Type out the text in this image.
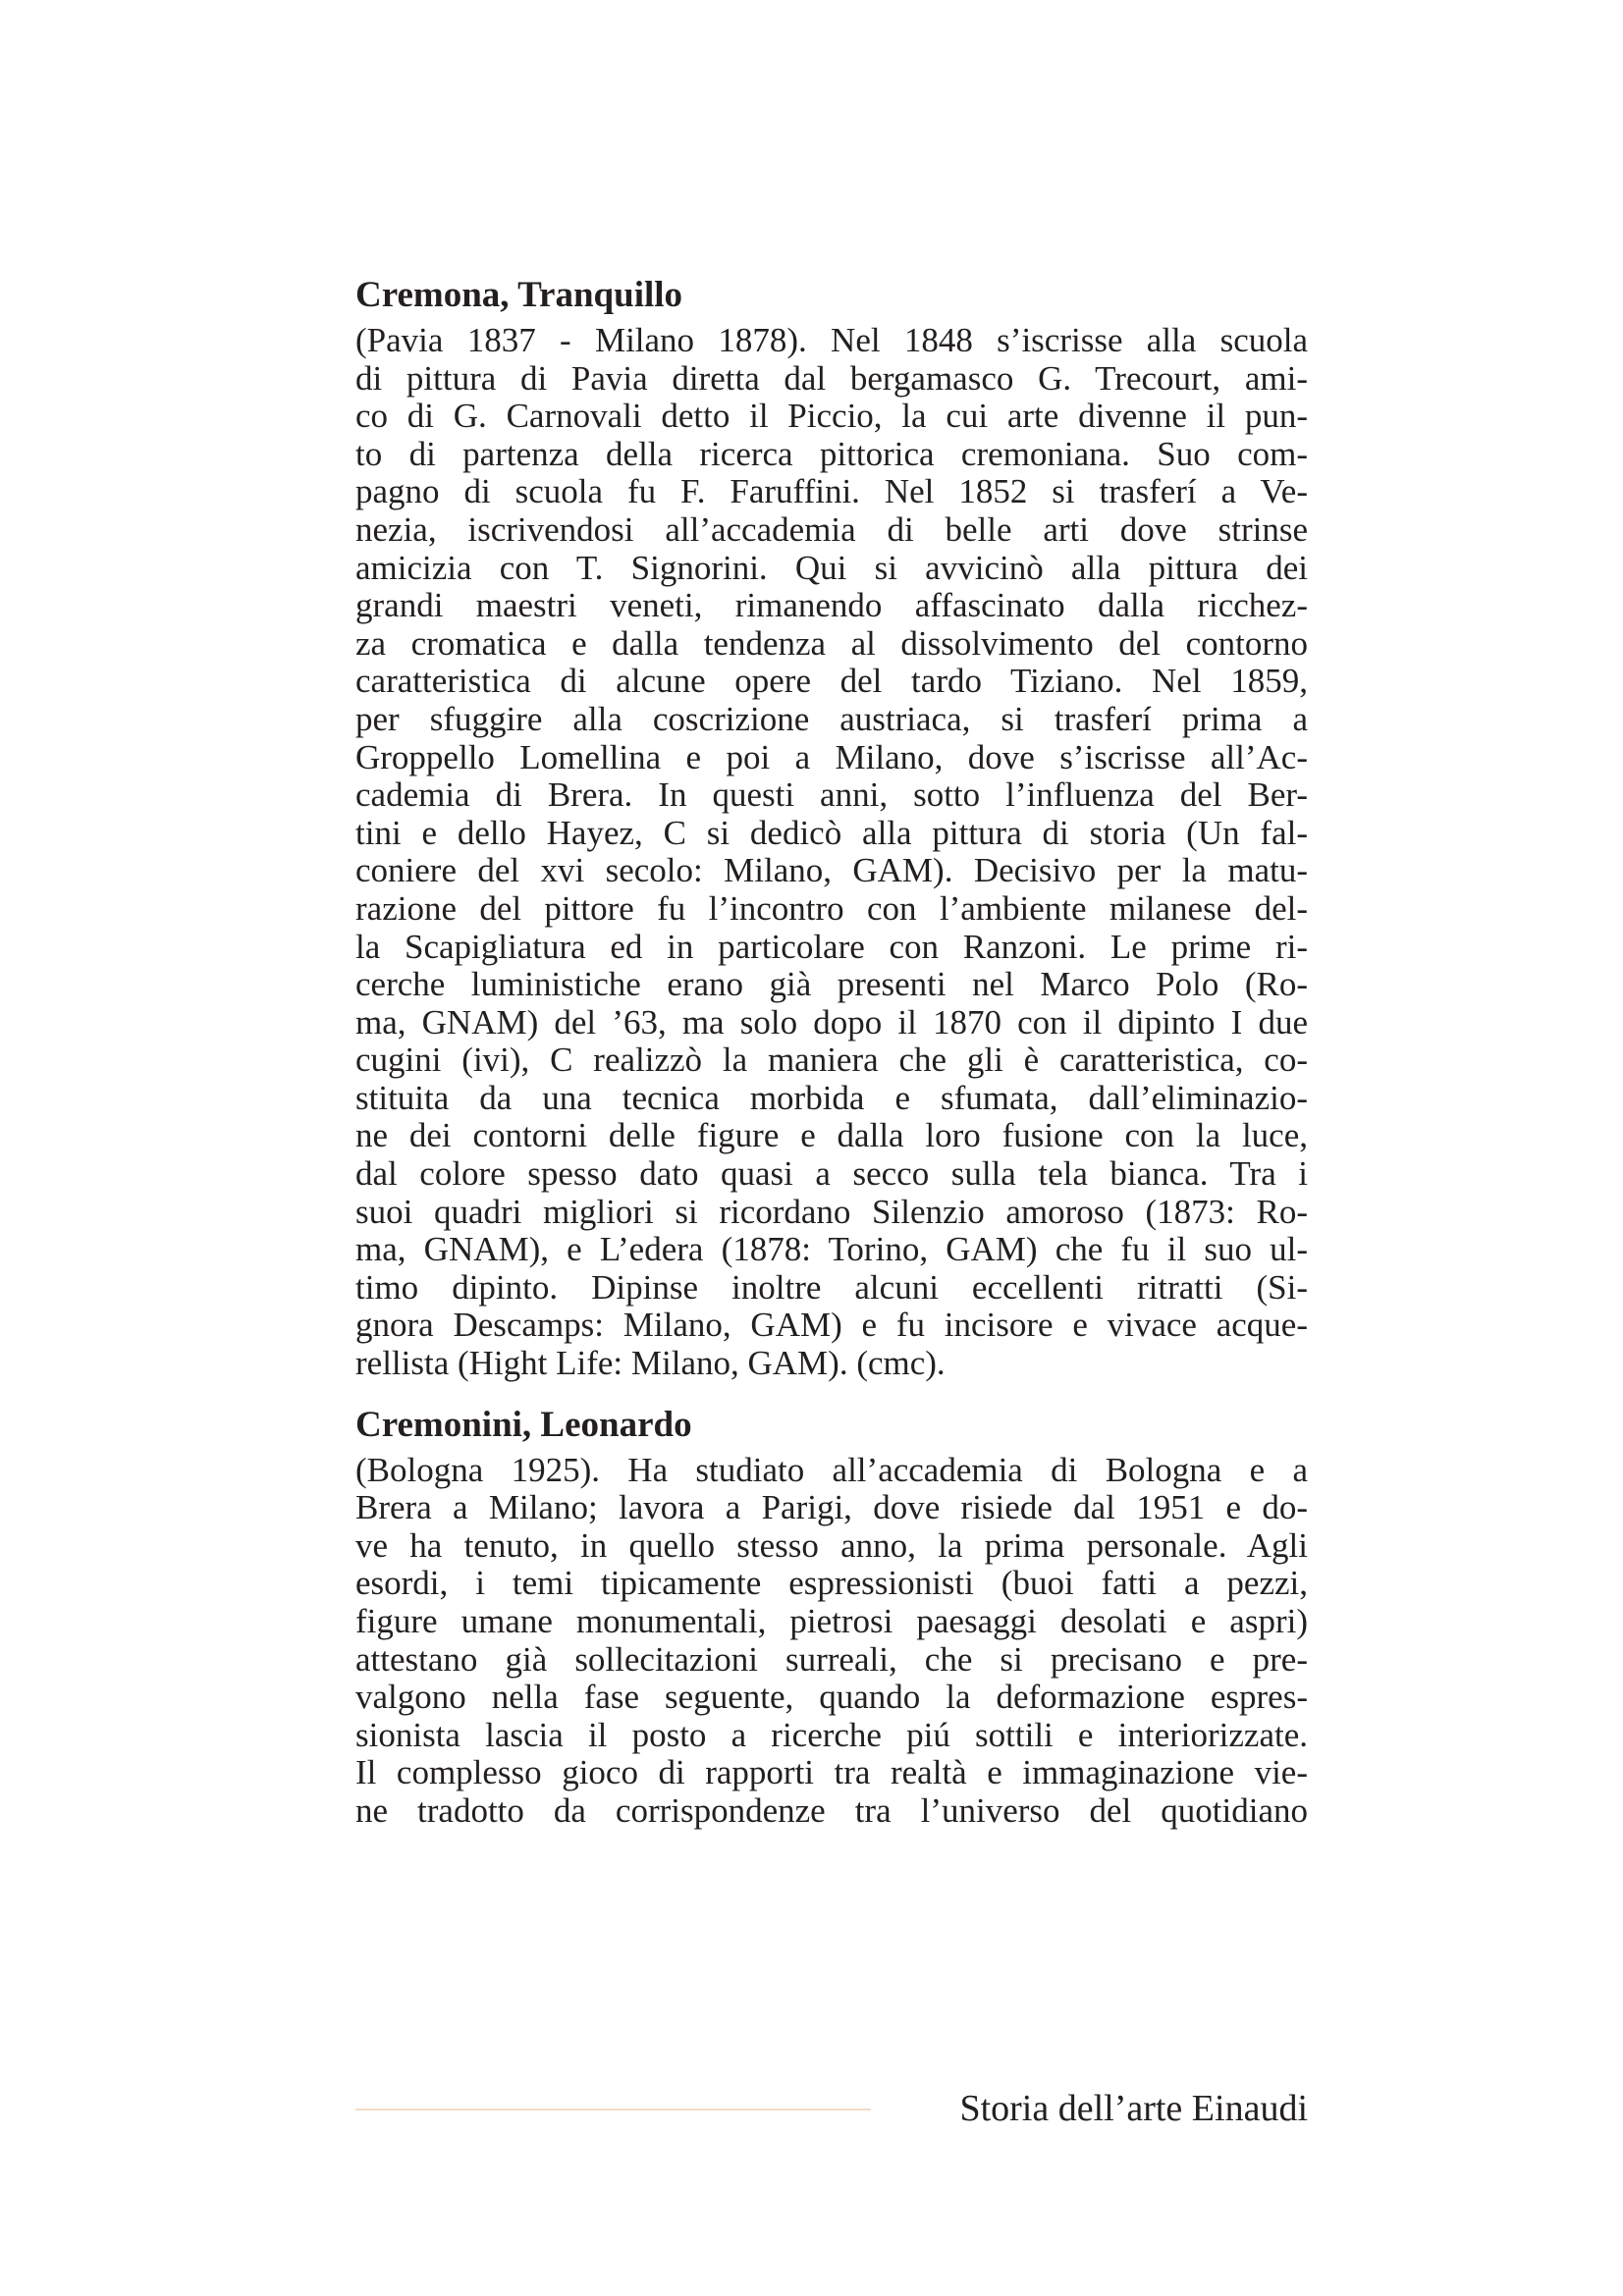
Cremona, Tranquillo

(Pavia 1837 - Milano 1878). Nel 1848 s’iscrisse alla scuola
di pittura di Pavia diretta dal bergamasco G. Trecourt, ami-
co di G. Carnovali detto il Piccio, la cui arte divenne il pun-
to di partenza della ricerca pittorica cremoniana. Suo com-
pagno di scuola fu F. Faruffini. Nel 1852 si trasferí a Ve-
nezia, iscrivendosi all’accademia di belle arti dove strinse
amicizia con T. Signorini. Qui si avvicinò alla pittura dei
grandi maestri veneti, rimanendo affascinato dalla ricchez-
za cromatica e dalla tendenza al dissolvimento del contorno
caratteristica di alcune opere del tardo Tiziano. Nel 1859,
per sfuggire alla coscrizione austriaca, si trasferí prima a
Groppello Lomellina e poi a Milano, dove s’iscrisse all’Ac-
cademia di Brera. In questi anni, sotto l’influenza del Ber-
tini e dello Hayez, C si dedicò alla pittura di storia (Un fal-
coniere del xvi secolo: Milano, GAM). Decisivo per la matu-
razione del pittore fu l’incontro con l’ambiente milanese del-
la Scapigliatura ed in particolare con Ranzoni. Le prime ri-
cerche luministiche erano già presenti nel Marco Polo (Ro-
ma, GNAM) del ’63, ma solo dopo il 1870 con il dipinto I due
cugini (ivi), C realizzò la maniera che gli è caratteristica, co-
stituita da una tecnica morbida e sfumata, dall’eliminazio-
ne dei contorni delle figure e dalla loro fusione con la luce,
dal colore spesso dato quasi a secco sulla tela bianca. Tra i
suoi quadri migliori si ricordano Silenzio amoroso (1873: Ro-
ma, GNAM), e L’edera (1878: Torino, GAM) che fu il suo ul-
timo dipinto. Dipinse inoltre alcuni eccellenti ritratti (Si-
gnora Descamps: Milano, GAM) e fu incisore e vivace acque-
rellista (Hight Life: Milano, GAM). (cmc).

Cremonini, Leonardo

(Bologna 1925). Ha studiato all’accademia di Bologna e a
Brera a Milano; lavora a Parigi, dove risiede dal 1951 e do-
ve ha tenuto, in quello stesso anno, la prima personale. Agli
esordi, i temi tipicamente espressionisti (buoi fatti a pezzi,
figure umane monumentali, pietrosi paesaggi desolati e aspri)
attestano già sollecitazioni surreali, che si precisano e pre-
valgono nella fase seguente, quando la deformazione espres-
sionista lascia il posto a ricerche piú sottili e interiorizzate.
Il complesso gioco di rapporti tra realtà e immaginazione vie-
ne tradotto da corrispondenze tra l’universo del quotidiano

Storia dell’arte Einaudi
